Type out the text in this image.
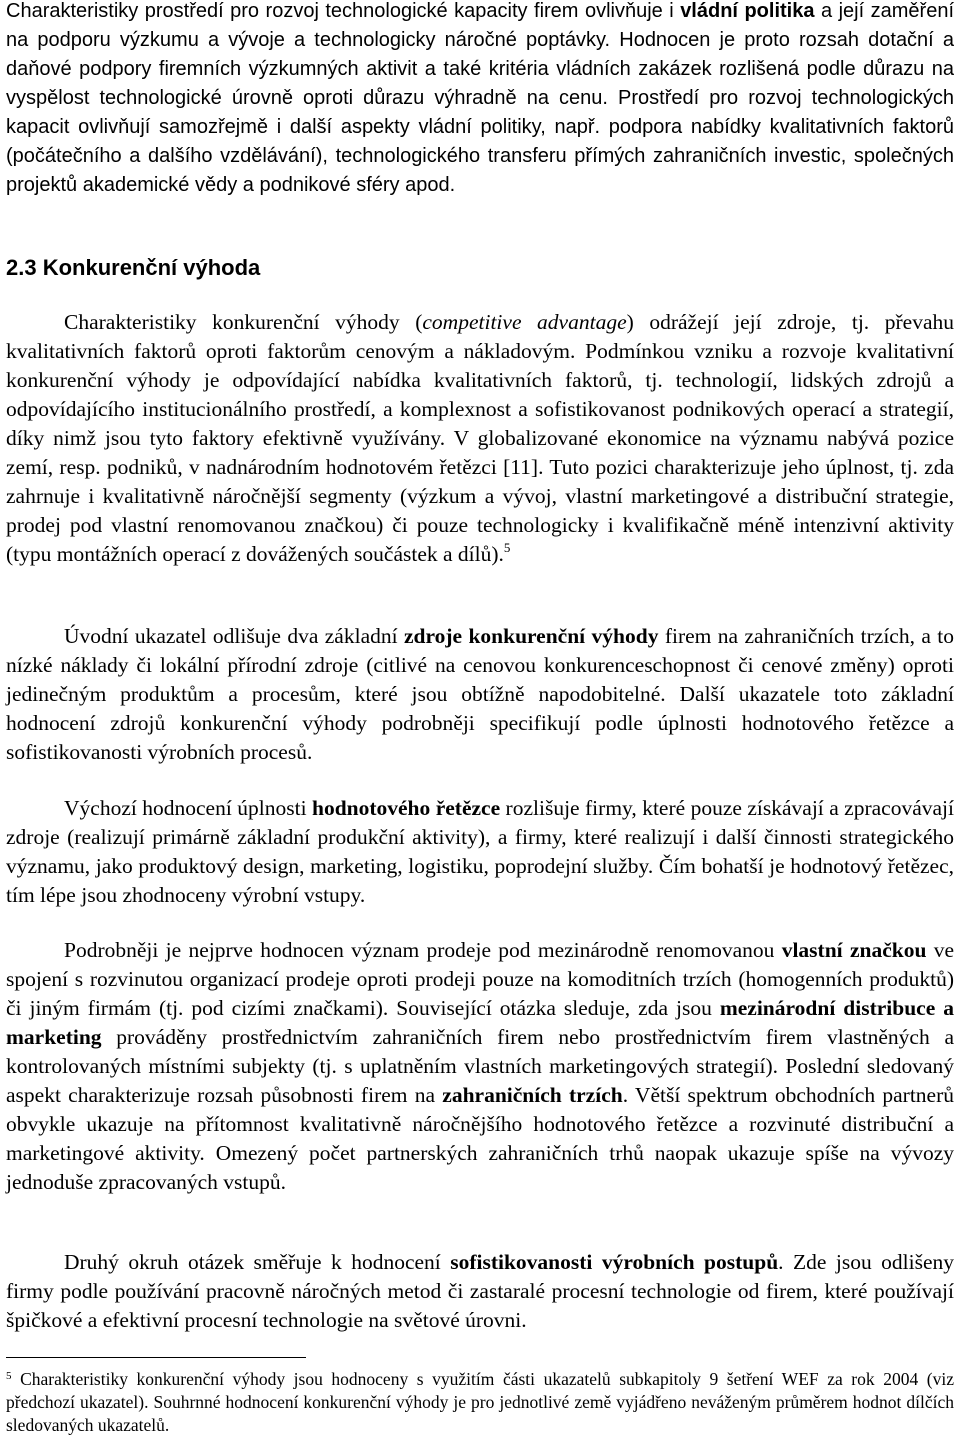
Charakteristiky prostředí pro rozvoj technologické kapacity firem ovlivňuje i vládní politika a její zaměření na podporu výzkumu a vývoje a technologicky náročné poptávky. Hodnocen je proto rozsah dotační a daňové podpory firemních výzkumných aktivit a také kritéria vládních zakázek rozlišená podle důrazu na vyspělost technologické úrovně oproti důrazu výhradně na cenu. Prostředí pro rozvoj technologických kapacit ovlivňují samozřejmě i další aspekty vládní politiky, např. podpora nabídky kvalitativních faktorů (počátečního a dalšího vzdělávání), technologického transferu přímých zahraničních investic, společných projektů akademické vědy a podnikové sféry apod.

2.3 Konkurenční výhoda

Charakteristiky konkurenční výhody (competitive advantage) odrážejí její zdroje, tj. převahu kvalitativních faktorů oproti faktorům cenovým a nákladovým. Podmínkou vzniku a rozvoje kvalitativní konkurenční výhody je odpovídající nabídka kvalitativních faktorů, tj. technologií, lidských zdrojů a odpovídajícího institucionálního prostředí, a komplexnost a sofistikovanost podnikových operací a strategií, díky nimž jsou tyto faktory efektivně využívány. V globalizované ekonomice na významu nabývá pozice zemí, resp. podniků, v nadnárodním hodnotovém řetězci [11]. Tuto pozici charakterizuje jeho úplnost, tj. zda zahrnuje i kvalitativně náročnější segmenty (výzkum a vývoj, vlastní marketingové a distribuční strategie, prodej pod vlastní renomovanou značkou) či pouze technologicky i kvalifikačně méně intenzivní aktivity (typu montážních operací z dovážených součástek a dílů).$^5$

Úvodní ukazatel odlišuje dva základní zdroje konkurenční výhody firem na zahraničních trzích, a to nízké náklady či lokální přírodní zdroje (citlivé na cenovou konkurenceschopnost či cenové změny) oproti jedinečným produktům a procesům, které jsou obtížně napodobitelné. Další ukazatele toto základní hodnocení zdrojů konkurenční výhody podrobněji specifikují podle úplnosti hodnotového řetězce a sofistikovanosti výrobních procesů.

Výchozí hodnocení úplnosti hodnotového řetězce rozlišuje firmy, které pouze získávají a zpracovávají zdroje (realizují primárně základní produkční aktivity), a firmy, které realizují i další činnosti strategického významu, jako produktový design, marketing, logistiku, poprodejní služby. Čím bohatší je hodnotový řetězec, tím lépe jsou zhodnoceny výrobní vstupy.

Podrobněji je nejprve hodnocen význam prodeje pod mezinárodně renomovanou vlastní značkou ve spojení s rozvinutou organizací prodeje oproti prodeji pouze na komoditních trzích (homogenních produktů) či jiným firmám (tj. pod cizími značkami). Související otázka sleduje, zda jsou mezinárodní distribuce a marketing prováděny prostřednictvím zahraničních firem nebo prostřednictvím firem vlastněných a kontrolovaných místními subjekty (tj. s uplatněním vlastních marketingových strategií). Poslední sledovaný aspekt charakterizuje rozsah působnosti firem na zahraničních trzích. Větší spektrum obchodních partnerů obvykle ukazuje na přítomnost kvalitativně náročnějšího hodnotového řetězce a rozvinuté distribuční a marketingové aktivity. Omezený počet partnerských zahraničních trhů naopak ukazuje spíše na vývozy jednoduše zpracovaných vstupů.

Druhý okruh otázek směřuje k hodnocení sofistikovanosti výrobních postupů. Zde jsou odlišeny firmy podle používání pracovně náročných metod či zastaralé procesní technologie od firem, které používají špičkové a efektivní procesní technologie na světové úrovni.

$^5$ Charakteristiky konkurenční výhody jsou hodnoceny s využitím části ukazatelů subkapitoly 9 šetření WEF za rok 2004 (viz předchozí ukazatel). Souhrnné hodnocení konkurenční výhody je pro jednotlivé země vyjádřeno neváženým průměrem hodnot dílčích sledovaných ukazatelů.
